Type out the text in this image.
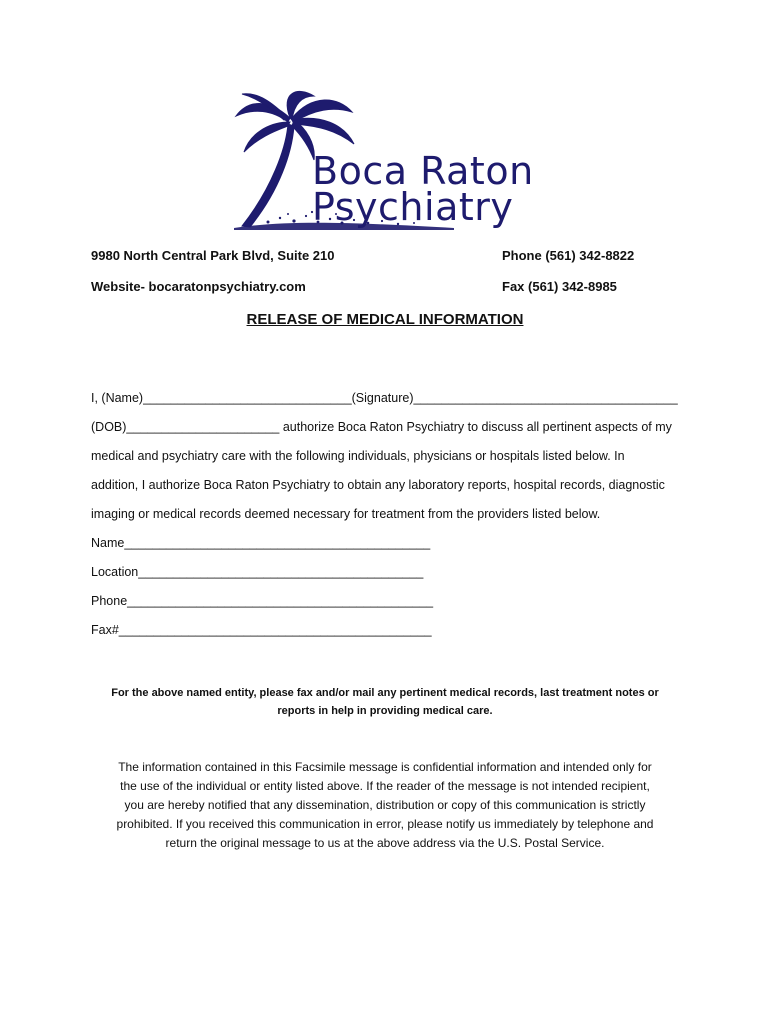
Boca Raton
Psychiatry
9980 North Central Park Blvd, Suite 210	Phone (561) 342-8822
Website- bocaratonpsychiatry.com	Fax (561) 342-8985
RELEASE OF MEDICAL INFORMATION
I, (Name)______________________________(Signature)______________________________________
(DOB)______________________ authorize Boca Raton Psychiatry to discuss all pertinent aspects of my
medical and psychiatry care with the following individuals, physicians or hospitals listed below. In
addition, I authorize Boca Raton Psychiatry to obtain any laboratory reports, hospital records, diagnostic
imaging or medical records deemed necessary for treatment from the providers listed below.
Name____________________________________________
Location_________________________________________
Phone____________________________________________
Fax#_____________________________________________
For the above named entity, please fax and/or mail any pertinent medical records, last treatment notes or
reports in help in providing medical care.
The information contained in this Facsimile message is confidential information and intended only for
the use of the individual or entity listed above. If the reader of the message is not intended recipient,
you are hereby notified that any dissemination, distribution or copy of this communication is strictly
prohibited. If you received this communication in error, please notify us immediately by telephone and
return the original message to us at the above address via the U.S. Postal Service.
